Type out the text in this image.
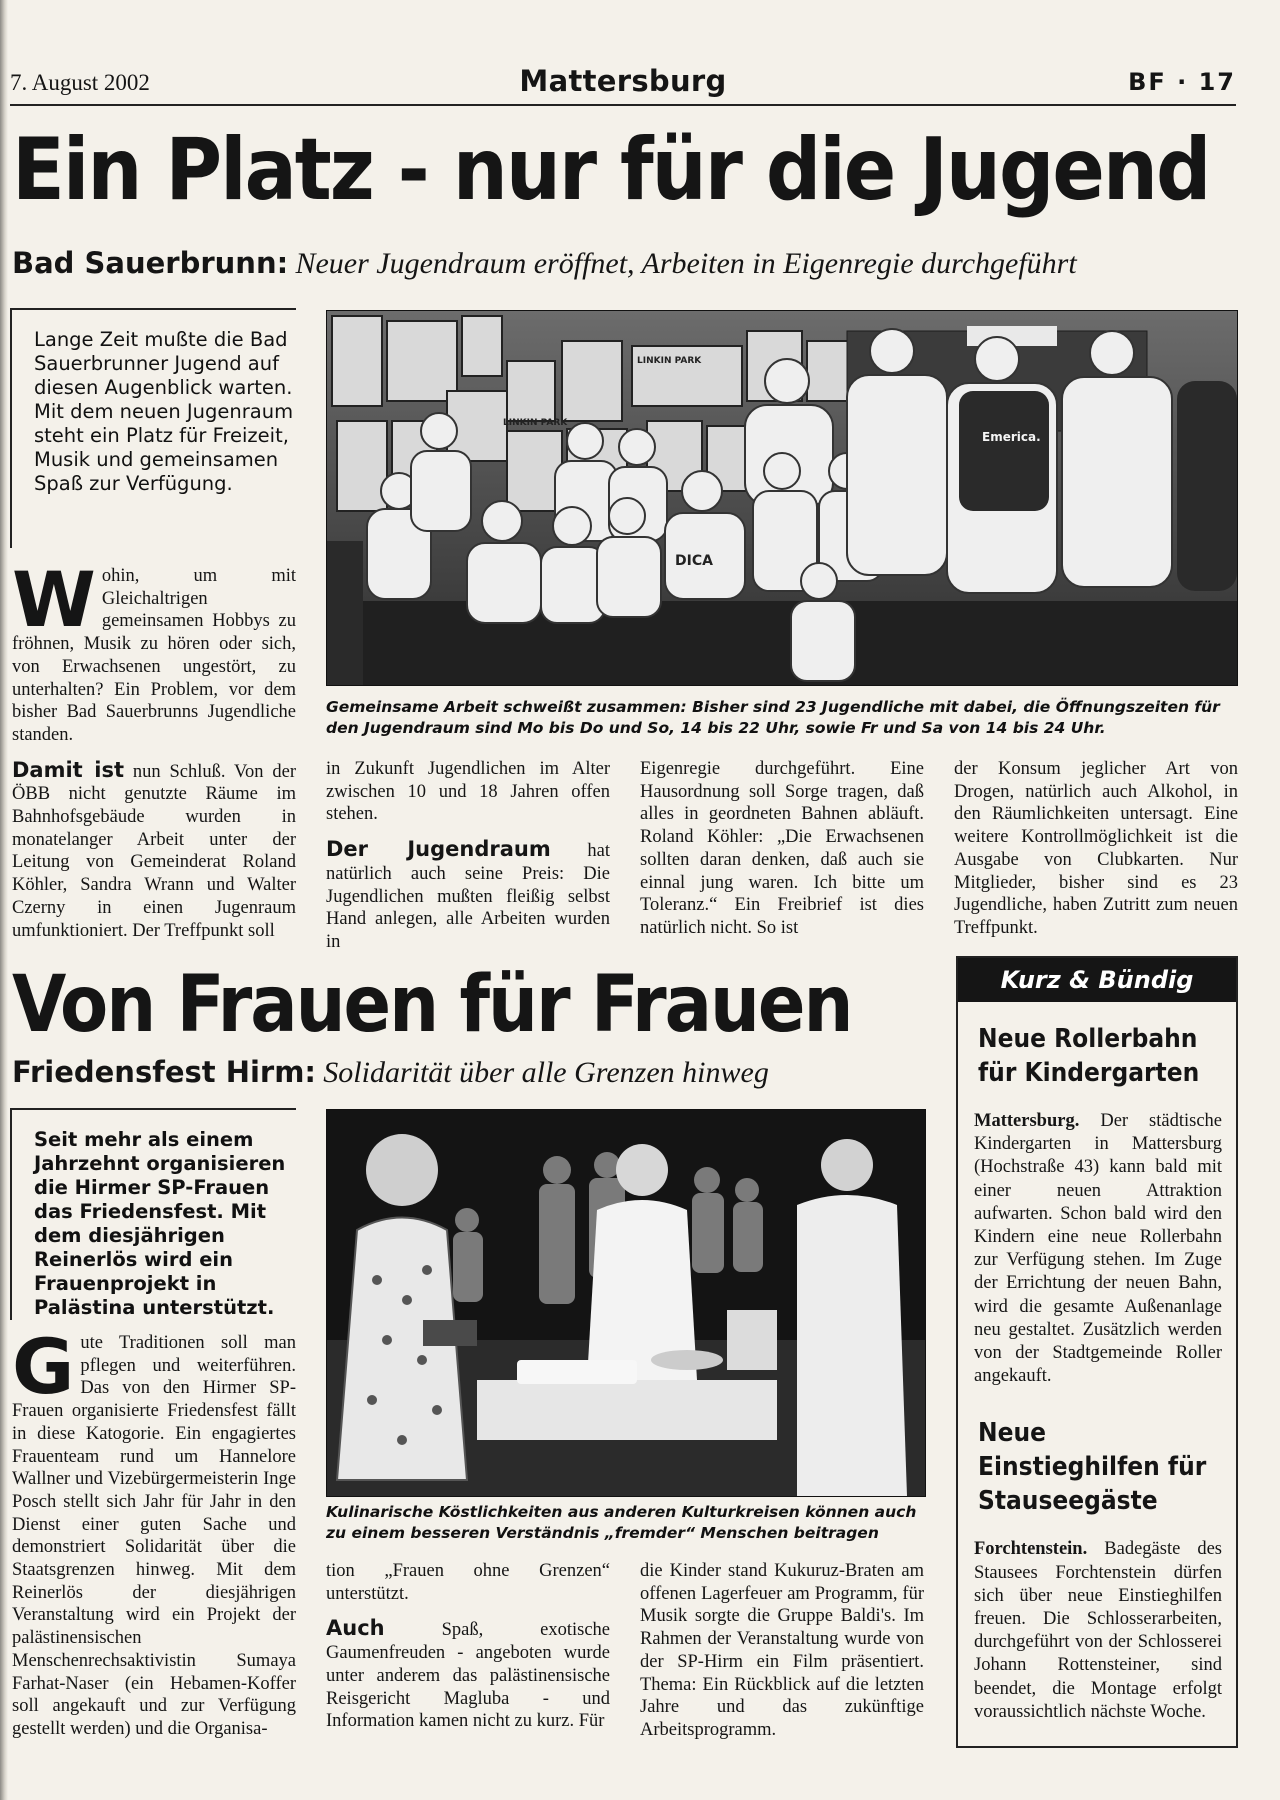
7. August 2002	Mattersburg	BF · 17
Ein Platz - nur für die Jugend
Bad Sauerbrunn: Neuer Jugendraum eröffnet, Arbeiten in Eigenregie durchgeführt
Lange Zeit mußte die Bad Sauerbrunner Jugend auf diesen Augenblick warten. Mit dem neuen Jugenraum steht ein Platz für Freizeit, Musik und gemeinsamen Spaß zur Verfügung.

Wohin, um mit Gleichaltrigen gemeinsamen Hobbys zu fröhnen, Musik zu hören oder sich, von Erwachsenen ungestört, zu unterhalten? Ein Problem, vor dem bisher Bad Sauerbrunns Jugendliche standen.

Damit ist nun Schluß. Von der ÖBB nicht genutzte Räume im Bahnhofsgebäude wurden in monatelanger Arbeit unter der Leitung von Gemeinderat Roland Köhler, Sandra Wrann und Walter Czerny in einen Jugenraum umfunktioniert. Der Treffpunkt soll

Emerica.
DICA
LINKIN PARK
LINKIN PARK
Gemeinsame Arbeit schweißt zusammen: Bisher sind 23 Jugendliche mit dabei, die Öffnungszeiten für den Jugendraum sind Mo bis Do und So, 14 bis 22 Uhr, sowie Fr und Sa von 14 bis 24 Uhr.

in Zukunft Jugendlichen im Alter zwischen 10 und 18 Jahren offen stehen.

Der Jugendraum hat natürlich auch seine Preis: Die Jugendlichen mußten fleißig selbst Hand anlegen, alle Arbeiten wurden in

Eigenregie durchgeführt. Eine Hausordnung soll Sorge tragen, daß alles in geordneten Bahnen abläuft. Roland Köhler: „Die Erwachsenen sollten daran denken, daß auch sie einnal jung waren. Ich bitte um Toleranz.“ Ein Freibrief ist dies natürlich nicht. So ist

der Konsum jeglicher Art von Drogen, natürlich auch Alkohol, in den Räumlichkeiten untersagt. Eine weitere Kontrollmöglichkeit ist die Ausgabe von Clubkarten. Nur Mitglieder, bisher sind es 23 Jugendliche, haben Zutritt zum neuen Treffpunkt.

Von Frauen für Frauen
Friedensfest Hirm: Solidarität über alle Grenzen hinweg
Seit mehr als einem Jahrzehnt organisieren die Hirmer SP-Frauen das Friedensfest. Mit dem diesjährigen Reinerlös wird ein Frauenprojekt in Palästina unterstützt.

Gute Traditionen soll man pflegen und weiterführen. Das von den Hirmer SP-Frauen organisierte Friedensfest fällt in diese Katogorie. Ein engagiertes Frauenteam rund um Hannelore Wallner und Vizebürgermeisterin Inge Posch stellt sich Jahr für Jahr in den Dienst einer guten Sache und demonstriert Solidarität über die Staatsgrenzen hinweg. Mit dem Reinerlös der diesjährigen Veranstaltung wird ein Projekt der palästinensischen Menschenrechsaktivistin Sumaya Farhat-Naser (ein Hebamen-Koffer soll angekauft und zur Verfügung gestellt werden) und die Organisa-

Kulinarische Köstlichkeiten aus anderen Kulturkreisen können auch zu einem besseren Verständnis „fremder“ Menschen beitragen

tion „Frauen ohne Grenzen“ unterstützt.

Auch	Spaß, exotische Gaumenfreuden - angeboten wurde unter anderem das palästinensische Reisgericht Magluba - und Information kamen nicht zu kurz. Für

die Kinder stand Kukuruz-Braten am offenen Lagerfeuer am Programm, für Musik sorgte die Gruppe Baldi's. Im Rahmen der Veranstaltung wurde von der SP-Hirm ein Film präsentiert. Thema: Ein Rückblick auf die letzten Jahre und das zukünftige Arbeitsprogramm.

Kurz & Bündig
Neue Rollerbahn für Kindergarten
Mattersburg. Der städtische Kindergarten in Mattersburg (Hochstraße 43) kann bald mit einer neuen Attraktion aufwarten. Schon bald wird den Kindern eine neue Rollerbahn zur Verfügung stehen. Im Zuge der Errichtung der neuen Bahn, wird die gesamte Außenanlage neu gestaltet. Zusätzlich werden von der Stadtgemeinde Roller angekauft.
Neue Einstieghilfen für Stauseegäste
Forchtenstein. Badegäste des Stausees Forchtenstein dürfen sich über neue Einstieghilfen freuen. Die Schlosserarbeiten, durchgeführt von der Schlosserei Johann Rottensteiner, sind beendet, die Montage erfolgt voraussichtlich nächste Woche.
